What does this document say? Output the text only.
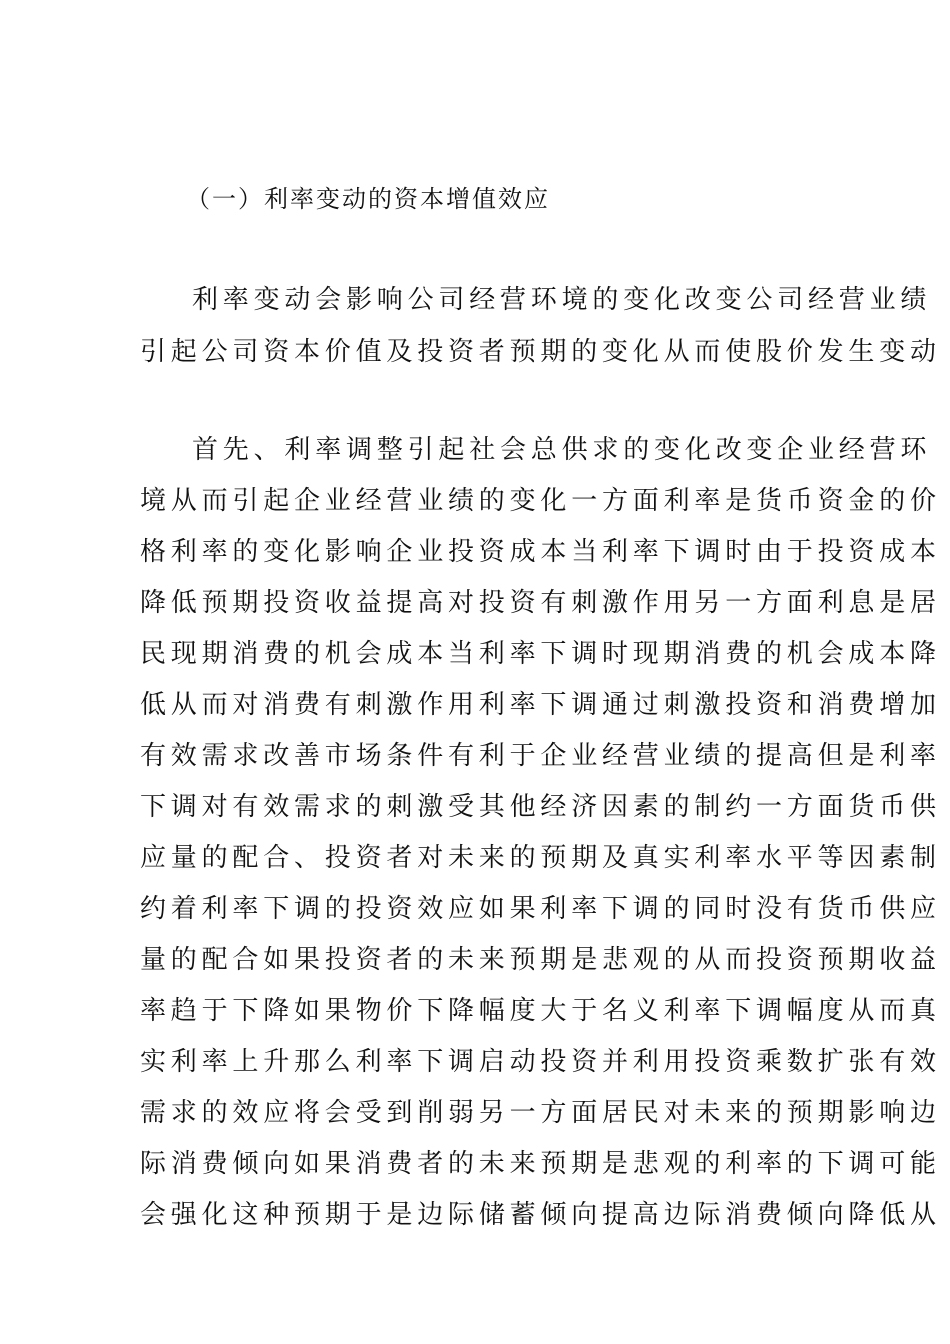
（一）利率变动的资本增值效应
利率变动会影响公司经营环境的变化改变公司经营业绩
引起公司资本价值及投资者预期的变化从而使股价发生变动
首先、利率调整引起社会总供求的变化改变企业经营环
境从而引起企业经营业绩的变化一方面利率是货币资金的价
格利率的变化影响企业投资成本当利率下调时由于投资成本
降低预期投资收益提高对投资有刺激作用另一方面利息是居
民现期消费的机会成本当利率下调时现期消费的机会成本降
低从而对消费有刺激作用利率下调通过刺激投资和消费增加
有效需求改善市场条件有利于企业经营业绩的提高但是利率
下调对有效需求的刺激受其他经济因素的制约一方面货币供
应量的配合、投资者对未来的预期及真实利率水平等因素制
约着利率下调的投资效应如果利率下调的同时没有货币供应
量的配合如果投资者的未来预期是悲观的从而投资预期收益
率趋于下降如果物价下降幅度大于名义利率下调幅度从而真
实利率上升那么利率下调启动投资并利用投资乘数扩张有效
需求的效应将会受到削弱另一方面居民对未来的预期影响边
际消费倾向如果消费者的未来预期是悲观的利率的下调可能
会强化这种预期于是边际储蓄倾向提高边际消费倾向降低从
